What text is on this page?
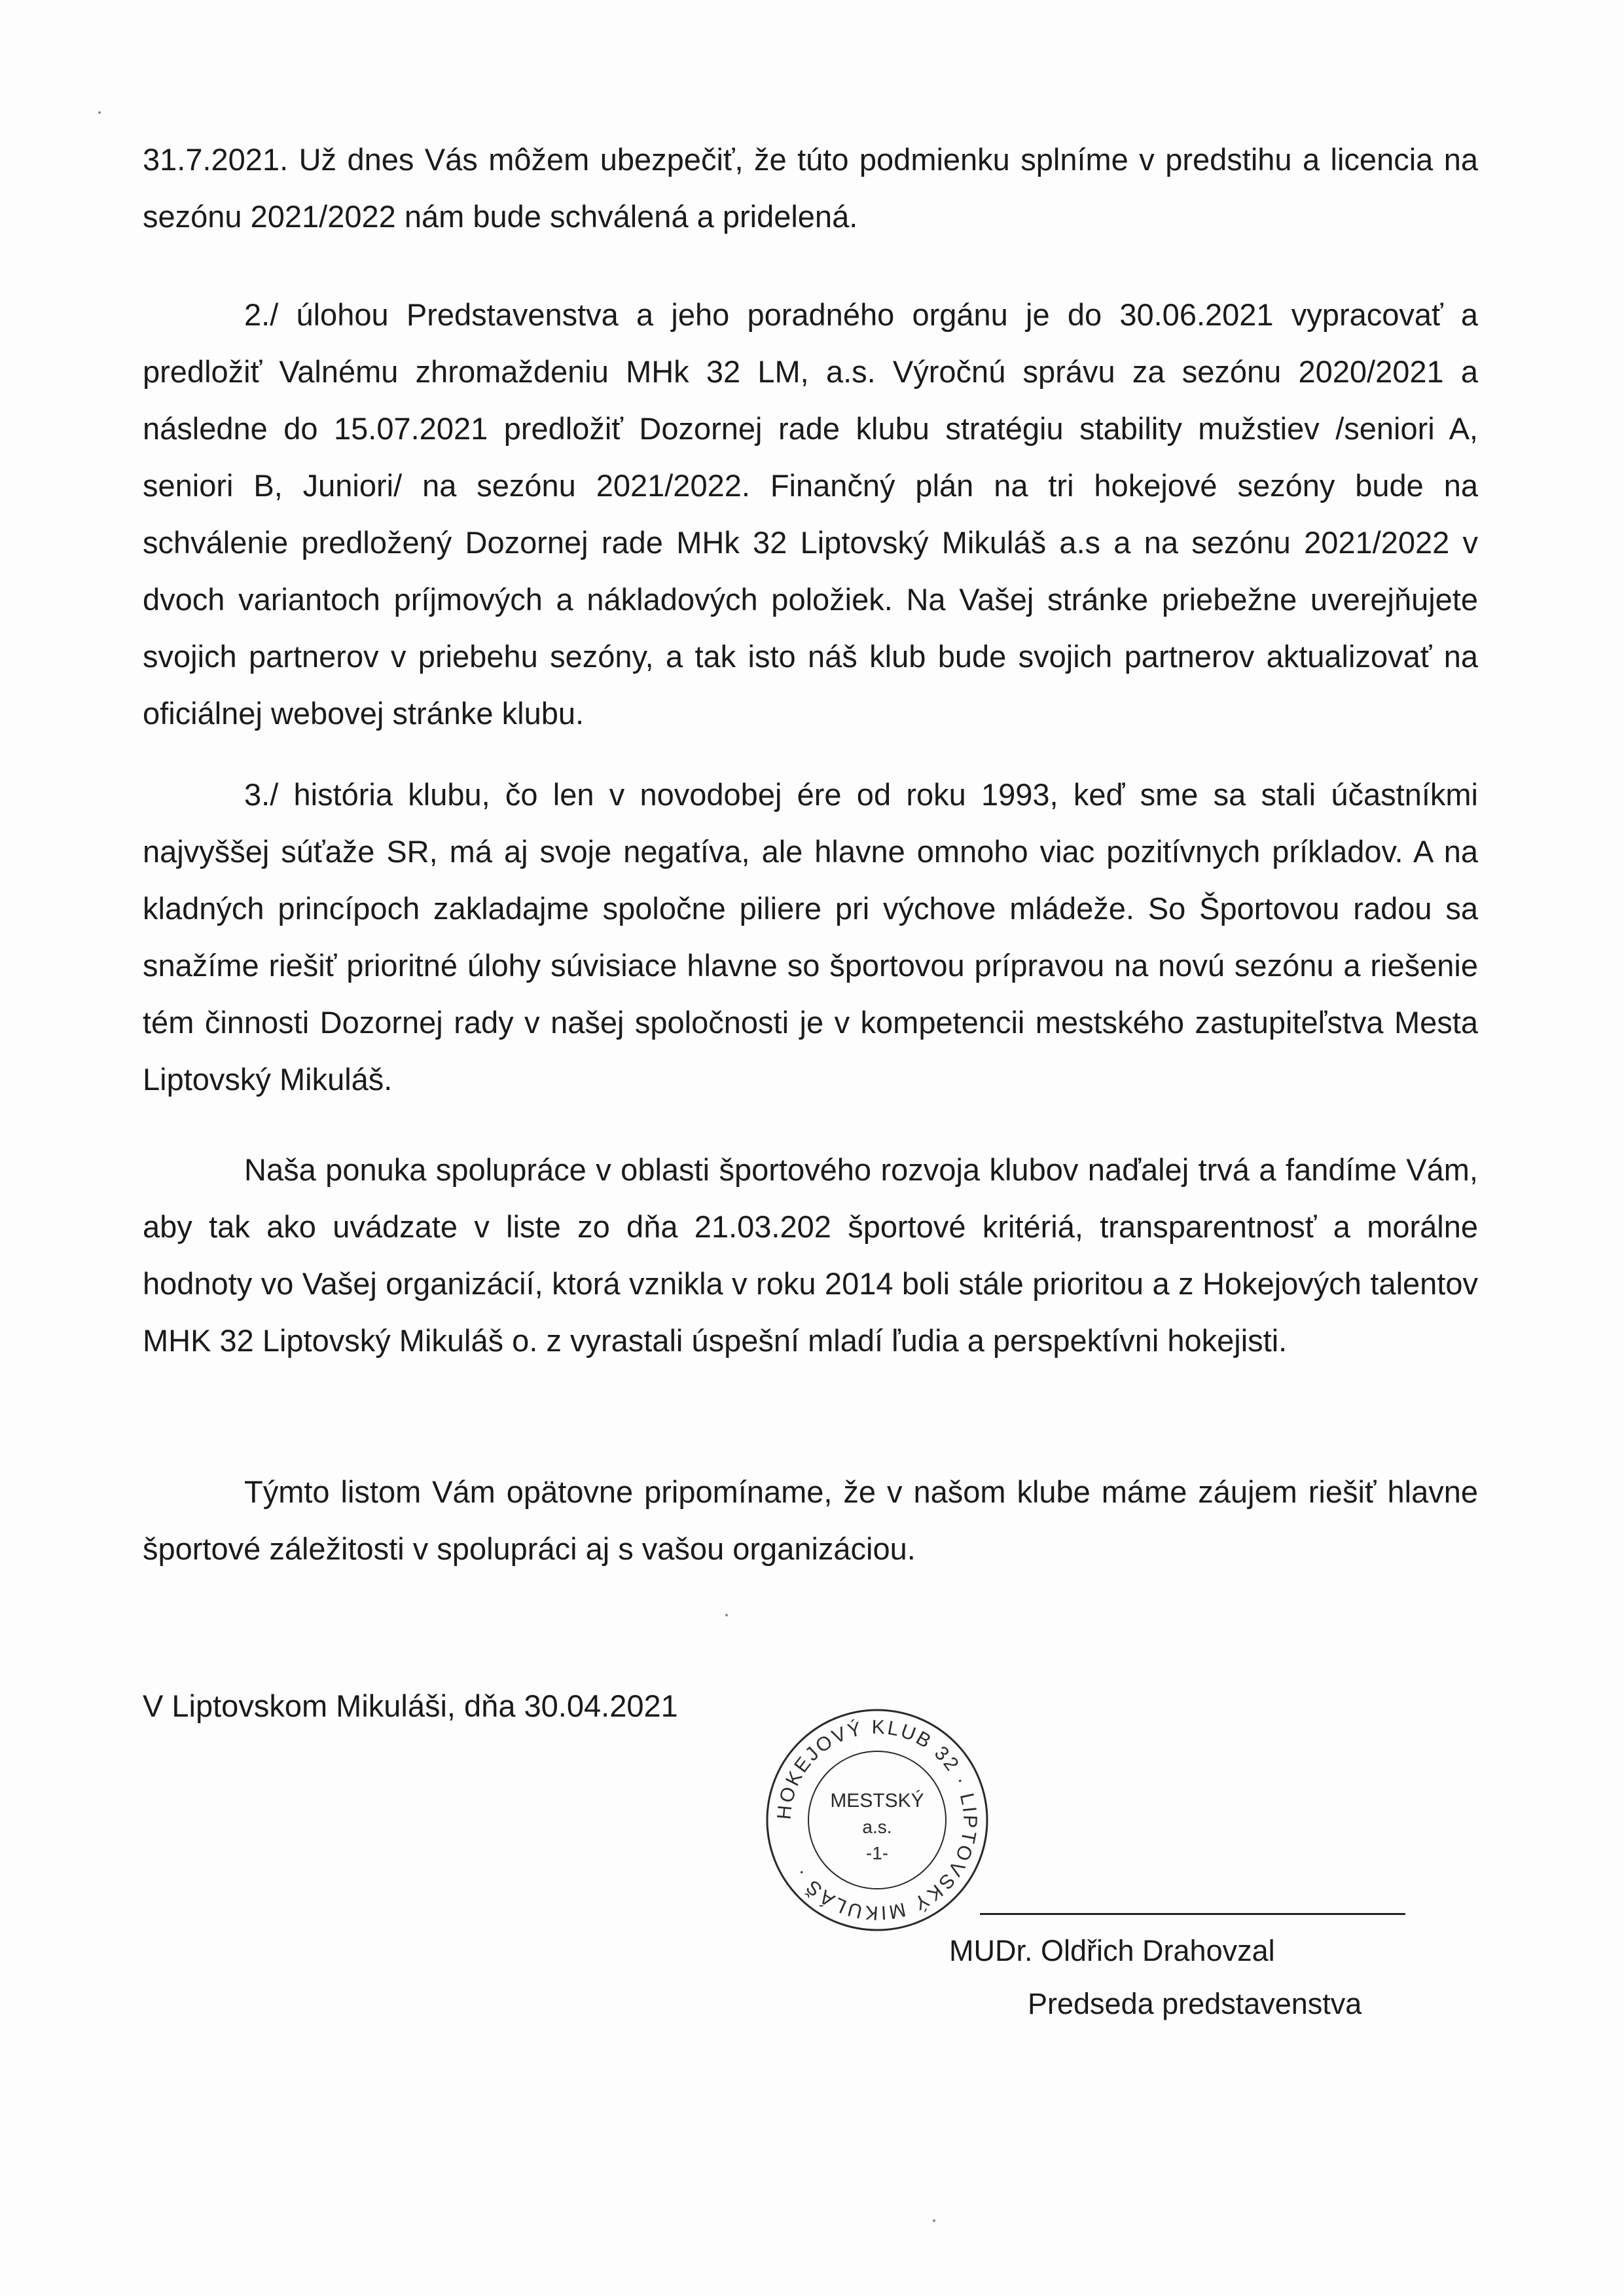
31.7.2021. Už dnes Vás môžem ubezpečiť, že túto podmienku splníme v predstihu a licencia na sezónu 2021/2022 nám bude schválená a pridelená.

2./ úlohou Predstavenstva a jeho poradného orgánu je do 30.06.2021 vypracovať a predložiť Valnému zhromaždeniu MHk 32 LM, a.s. Výročnú správu za sezónu 2020/2021 a následne do 15.07.2021 predložiť Dozornej rade klubu stratégiu stability mužstiev /seniori A, seniori B, Juniori/ na sezónu 2021/2022. Finančný plán na tri hokejové sezóny bude na schválenie predložený Dozornej rade MHk 32 Liptovský Mikuláš a.s a na sezónu 2021/2022 v dvoch variantoch príjmových a nákladových položiek. Na Vašej stránke priebežne uverejňujete svojich partnerov v priebehu sezóny, a tak isto náš klub bude svojich partnerov aktualizovať na oficiálnej webovej stránke klubu.

3./ história klubu, čo len v novodobej ére od roku 1993, keď sme sa stali účastníkmi najvyššej súťaže SR, má aj svoje negatíva, ale hlavne omnoho viac pozitívnych príkladov. A na kladných princípoch zakladajme spoločne piliere pri výchove mládeže. So Športovou radou sa snažíme riešiť prioritné úlohy súvisiace hlavne so športovou prípravou na novú sezónu a riešenie tém činnosti Dozornej rady v našej spoločnosti je v kompetencii mestského zastupiteľstva Mesta Liptovský Mikuláš.

Naša ponuka spolupráce v oblasti športového rozvoja klubov naďalej trvá a fandíme Vám, aby tak ako uvádzate v liste zo dňa 21.03.202 športové kritériá, transparentnosť a morálne hodnoty vo Vašej organizácií, ktorá vznikla v roku 2014 boli stále prioritou a z Hokejových talentov MHK 32 Liptovský Mikuláš o. z vyrastali úspešní mladí ľudia a perspektívni hokejisti.

Týmto listom Vám opätovne pripomíname, že v našom klube máme záujem riešiť hlavne športové záležitosti v spolupráci aj s vašou organizáciou.

V Liptovskom Mikuláši, dňa 30.04.2021

HOKEJOVÝ KLUB 32 · LIPTOVSKÝ MIKULÁŠ ·
MESTSKÝ
a.s.
-1-

MUDr. Oldřich Drahovzal

Predseda predstavenstva
